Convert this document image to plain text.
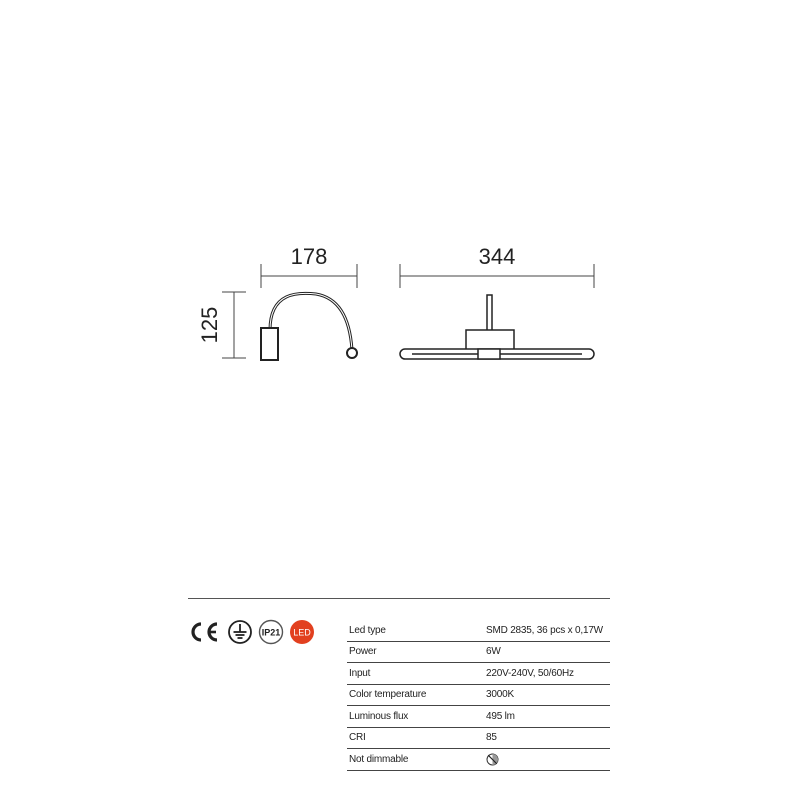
178
125
344
IP21 LED	Led type	SMD 2835, 36 pcs x 0,17W
Power	6W
Input	220V-240V, 50/60Hz
Color temperature	3000K
Luminous flux	495 lm
CRI	85
Not dimmable
